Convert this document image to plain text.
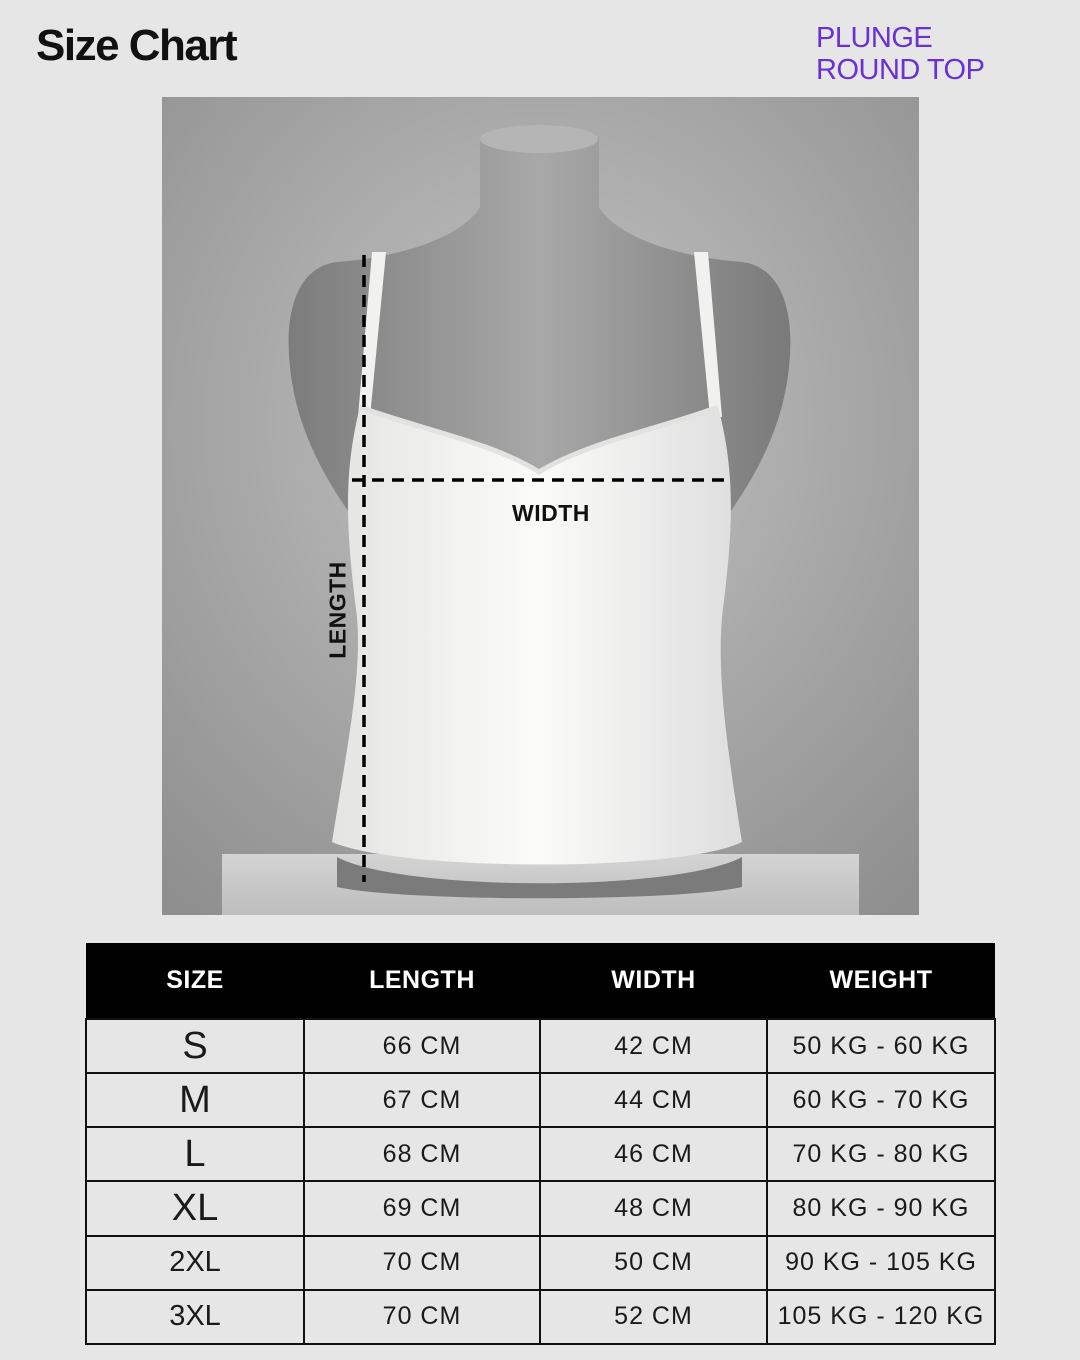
Size Chart	PLUNGE
ROUND TOP
WIDTH
LENGTH
SIZE	LENGTH	WIDTH	WEIGHT
S	66 CM	42 CM	50 KG - 60 KG
M	67 CM	44 CM	60 KG - 70 KG
L	68 CM	46 CM	70 KG - 80 KG
XL	69 CM	48 CM	80 KG - 90 KG
2XL	70 CM	50 CM	90 KG - 105 KG
3XL	70 CM	52 CM	105 KG - 120 KG
